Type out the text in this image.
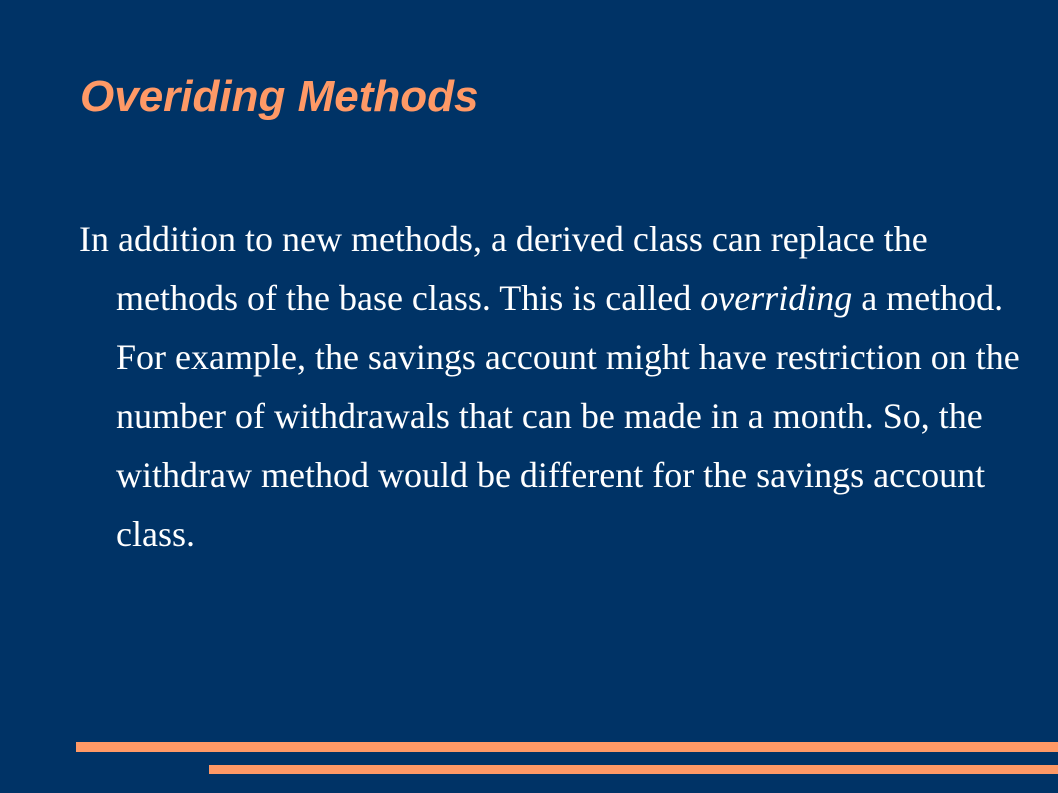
Overiding Methods

In addition to new methods, a derived class can replace the methods of the base class. This is called overriding a method. For example, the savings account might have restriction on the number of withdrawals that can be made in a month. So, the withdraw method would be different for the savings account class.
